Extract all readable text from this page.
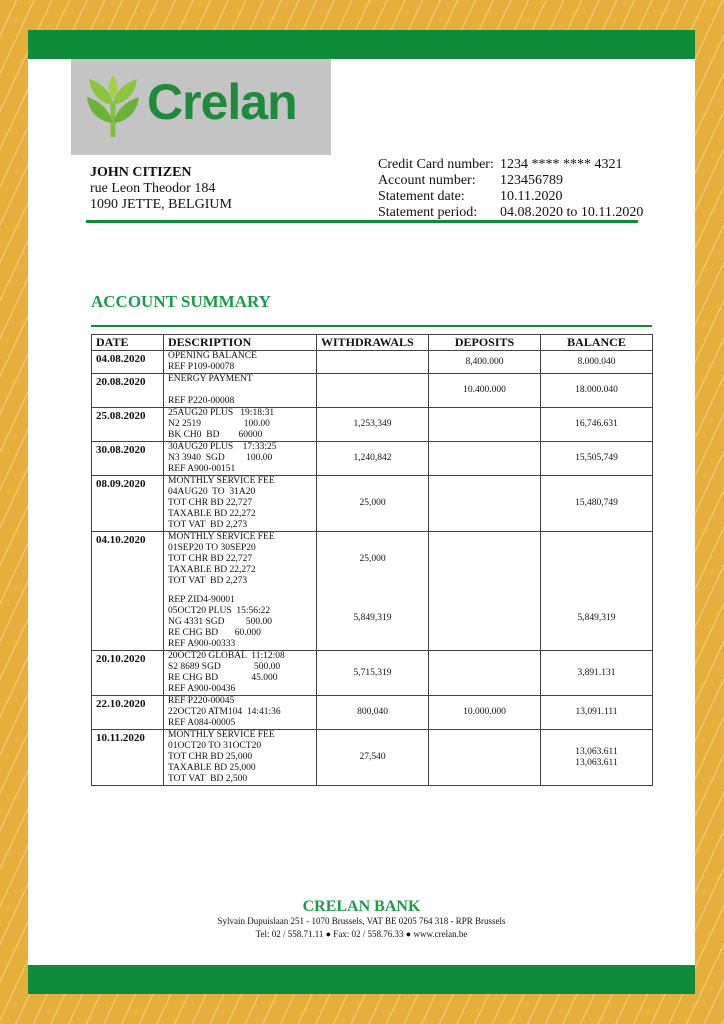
Crelan
JOHN CITIZEN
rue Leon Theodor 184
1090 JETTE, BELGIUM
Credit Card number: 1234 **** **** 4321
Account number:	123456789
Statement date:	10.11.2020
Statement period:	04.08.2020 to 10.11.2020
ACCOUNT SUMMARY
DATE	DESCRIPTION	WITHDRAWALS	DEPOSITS	BALANCE
04.08.2020	OPENING BALANCE
REF P109-00078		8,400.000	8.000.040
20.08.2020	ENERGY PAYMENT

REF P220-00008		10.400.000	18.000.040
25.08.2020	25AUG20 PLUS   19:18:31
N2 2519                  100.00
BK CH0  BD        60000	1,253,349		16,746.631
30.08.2020	30AUG20 PLUS    17:33:25
N3 3940  SGD         100.00
REF A900-00151	1,240,842		15,505,749
08.09.2020	MONTHLY SERVICE FEE
04AUG20  TO  31A20
TOT CHR BD 22,727
TAXABLE BD 22,272
TOT VAT  BD 2,273	25,000		15,480,749
04.10.2020	MONTHLY SERVICE FEE
01SEP20 TO 30SEP20
TOT CHR BD 22,727
TAXABLE BD 22,272
TOT VAT  BD 2,273	25,000		
	REP ZID4-90001
05OCT20 PLUS  15:56:22
NG 4331 SGD         500.00
RE CHG BD       60.000
REF A900-00333	5,849,319		5,849,319
20.10.2020	20OCT20 GLOBAL  11:12:08
S2 8689 SGD              500.00
RE CHG BD              45.000
REF A900-00436	5,715,319		3,891.131
22.10.2020	REF P220-00045
22OCT20 ATM104  14:41:36
REF A084-00005	800,040	10.000.000	13,091.111
10.11.2020	MONTHLY SERVICE FEE
01OCT20 TO 31OCT20
TOT CHR BD 25,000
TAXABLE BD 25,000
TOT VAT  BD 2,500	27,540		13,063.611
13,063.611
CRELAN BANK
Sylvain Dupuislaan 251 - 1070 Brussels, VAT BE 0205 764 318 - RPR Brussels
Tel: 02 / 558.71.11 ● Fax: 02 / 558.76.33 ● www.crelan.be
